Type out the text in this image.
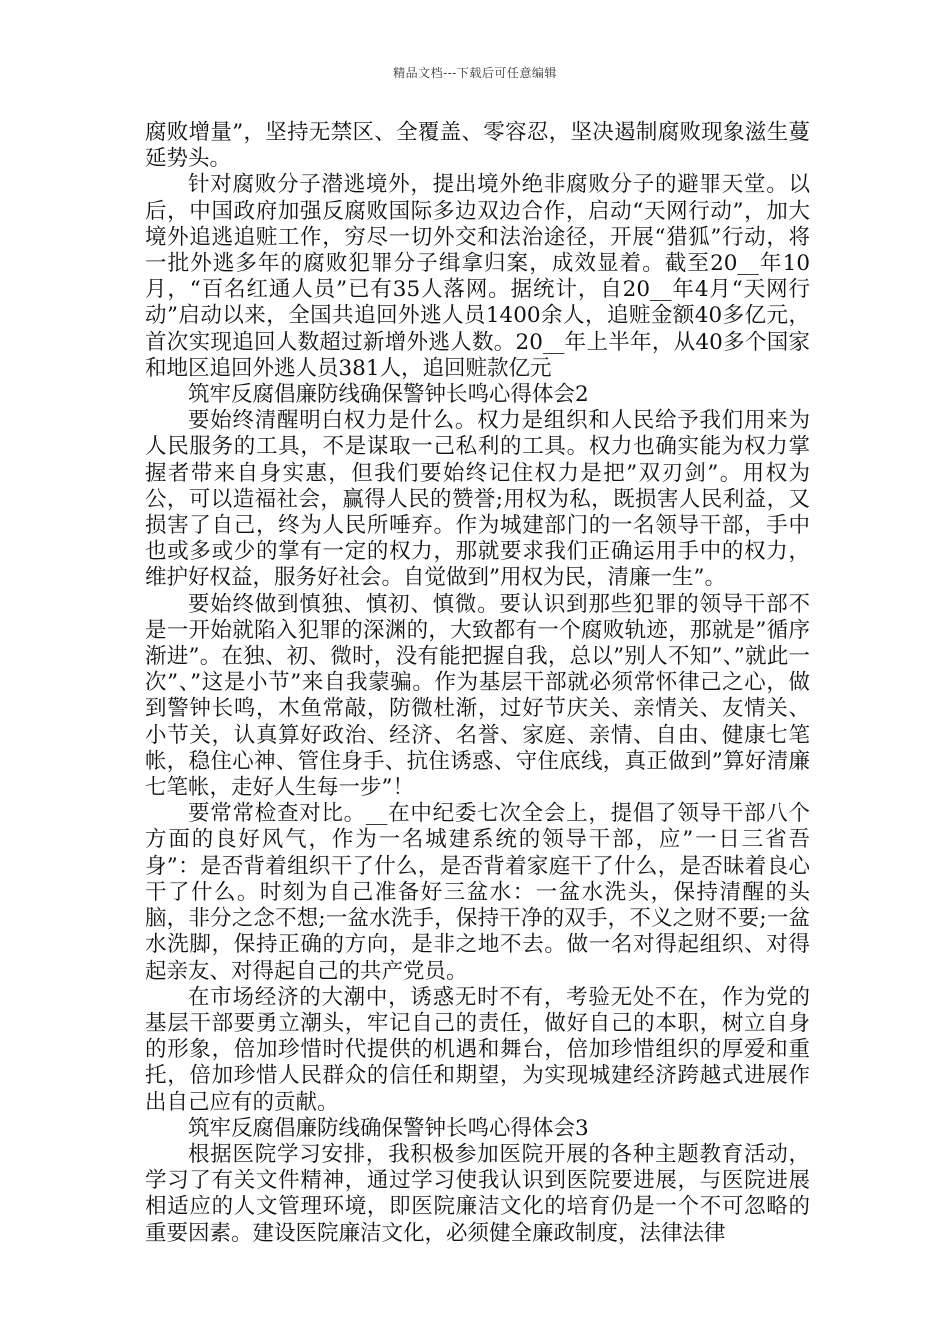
精品文档---下载后可任意编辑

腐败增量”，坚持无禁区、全覆盖、零容忍，坚决遏制腐败现象滋生蔓延势头。

针对腐败分子潜逃境外，提出境外绝非腐败分子的避罪天堂。以后，中国政府加强反腐败国际多边双边合作，启动“天网行动”，加大境外追逃追赃工作，穷尽一切外交和法治途径，开展“猎狐”行动，将一批外逃多年的腐败犯罪分子缉拿归案，成效显着。截至20__年10月，“百名红通人员”已有35人落网。据统计，自20__年4月“天网行动”启动以来，全国共追回外逃人员1400余人，追赃金额40多亿元，首次实现追回人数超过新增外逃人数。20__年上半年，从40多个国家和地区追回外逃人员381人，追回赃款亿元

筑牢反腐倡廉防线确保警钟长鸣心得体会2

要始终清醒明白权力是什么。权力是组织和人民给予我们用来为人民服务的工具，不是谋取一己私利的工具。权力也确实能为权力掌握者带来自身实惠，但我们要始终记住权力是把”双刃剑”。用权为公，可以造福社会，赢得人民的赞誉;用权为私，既损害人民利益，又损害了自己，终为人民所唾弃。作为城建部门的一名领导干部，手中也或多或少的掌有一定的权力，那就要求我们正确运用手中的权力，维护好权益，服务好社会。自觉做到”用权为民，清廉一生”。

要始终做到慎独、慎初、慎微。要认识到那些犯罪的领导干部不是一开始就陷入犯罪的深渊的，大致都有一个腐败轨迹，那就是”循序渐进”。在独、初、微时，没有能把握自我，总以”别人不知”、”就此一次”、”这是小节”来自我蒙骗。作为基层干部就必须常怀律己之心，做到警钟长鸣，木鱼常敲，防微杜渐，过好节庆关、亲情关、友情关、小节关，认真算好政治、经济、名誉、家庭、亲情、自由、健康七笔帐，稳住心神、管住身手、抗住诱惑、守住底线，真正做到”算好清廉七笔帐，走好人生每一步”！

要常常检查对比。__在中纪委七次全会上，提倡了领导干部八个方面的良好风气，作为一名城建系统的领导干部，应”一日三省吾身”：是否背着组织干了什么，是否背着家庭干了什么，是否昧着良心干了什么。时刻为自己准备好三盆水：一盆水洗头，保持清醒的头脑，非分之念不想;一盆水洗手，保持干净的双手，不义之财不要;一盆水洗脚，保持正确的方向，是非之地不去。做一名对得起组织、对得起亲友、对得起自己的共产党员。

在市场经济的大潮中，诱惑无时不有，考验无处不在，作为党的基层干部要勇立潮头，牢记自己的责任，做好自己的本职，树立自身的形象，倍加珍惜时代提供的机遇和舞台，倍加珍惜组织的厚爱和重托，倍加珍惜人民群众的信任和期望，为实现城建经济跨越式进展作出自己应有的贡献。

筑牢反腐倡廉防线确保警钟长鸣心得体会3

根据医院学习安排，我积极参加医院开展的各种主题教育活动，学习了有关文件精神，通过学习使我认识到医院要进展，与医院进展相适应的人文管理环境，即医院廉洁文化的培育仍是一个不可忽略的重要因素。建设医院廉洁文化，必须健全廉政制度，法律法律
